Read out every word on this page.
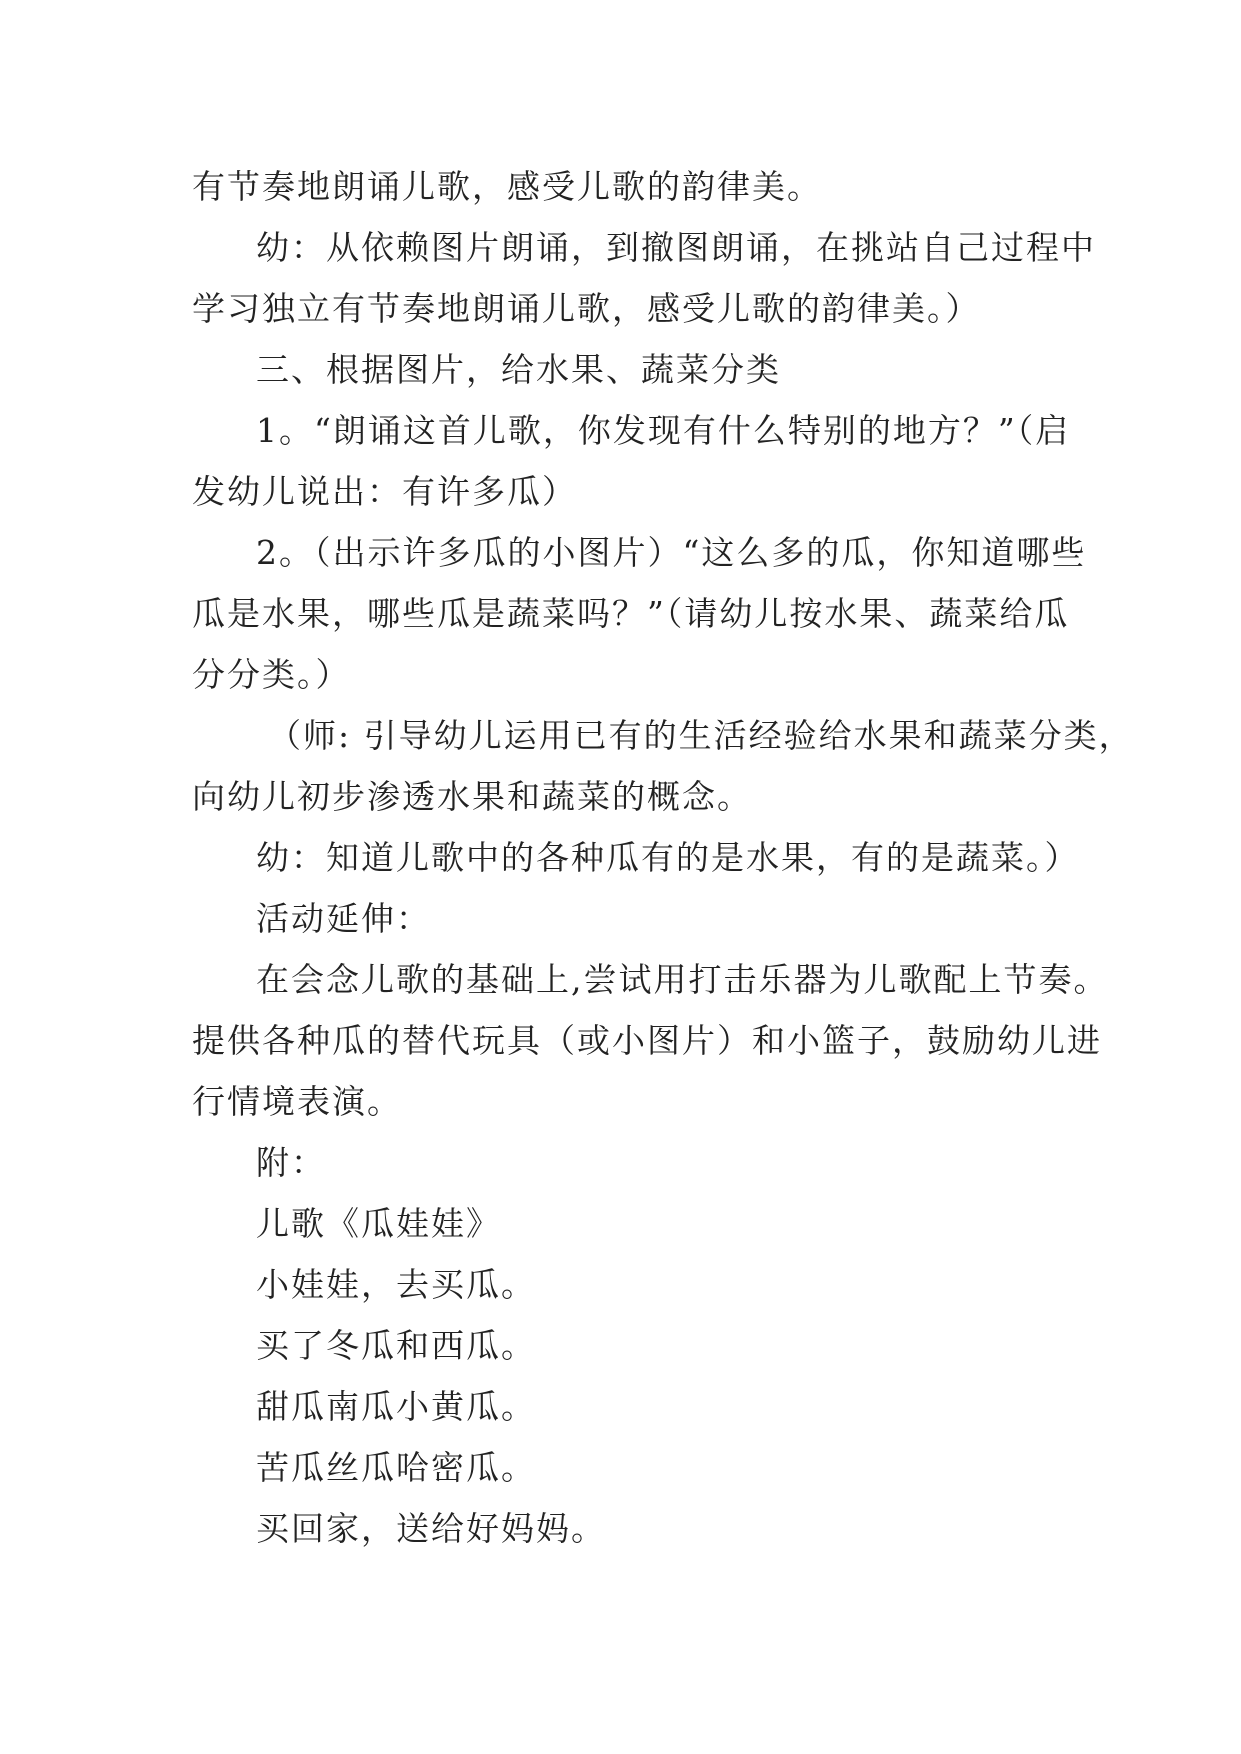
有节奏地朗诵儿歌，感受儿歌的韵律美。

幼：从依赖图片朗诵，到撤图朗诵，在挑站自己过程中

学习独立有节奏地朗诵儿歌，感受儿歌的韵律美。）

三、根据图片，给水果、蔬菜分类

1。“朗诵这首儿歌，你发现有什么特别的地方？”（启

发幼儿说出：有许多瓜）

2。（出示许多瓜的小图片）“这么多的瓜，你知道哪些

瓜是水果，哪些瓜是蔬菜吗？”（请幼儿按水果、蔬菜给瓜

分分类。）

（师: 引导幼儿运用已有的生活经验给水果和蔬菜分类，

向幼儿初步渗透水果和蔬菜的概念。

幼：知道儿歌中的各种瓜有的是水果，有的是蔬菜。）

活动延伸：

在会念儿歌的基础上,尝试用打击乐器为儿歌配上节奏。

提供各种瓜的替代玩具（或小图片）和小篮子，鼓励幼儿进

行情境表演。

附：

儿歌《瓜娃娃》

小娃娃，去买瓜。

买了冬瓜和西瓜。

甜瓜南瓜小黄瓜。

苦瓜丝瓜哈密瓜。

买回家，送给好妈妈。
